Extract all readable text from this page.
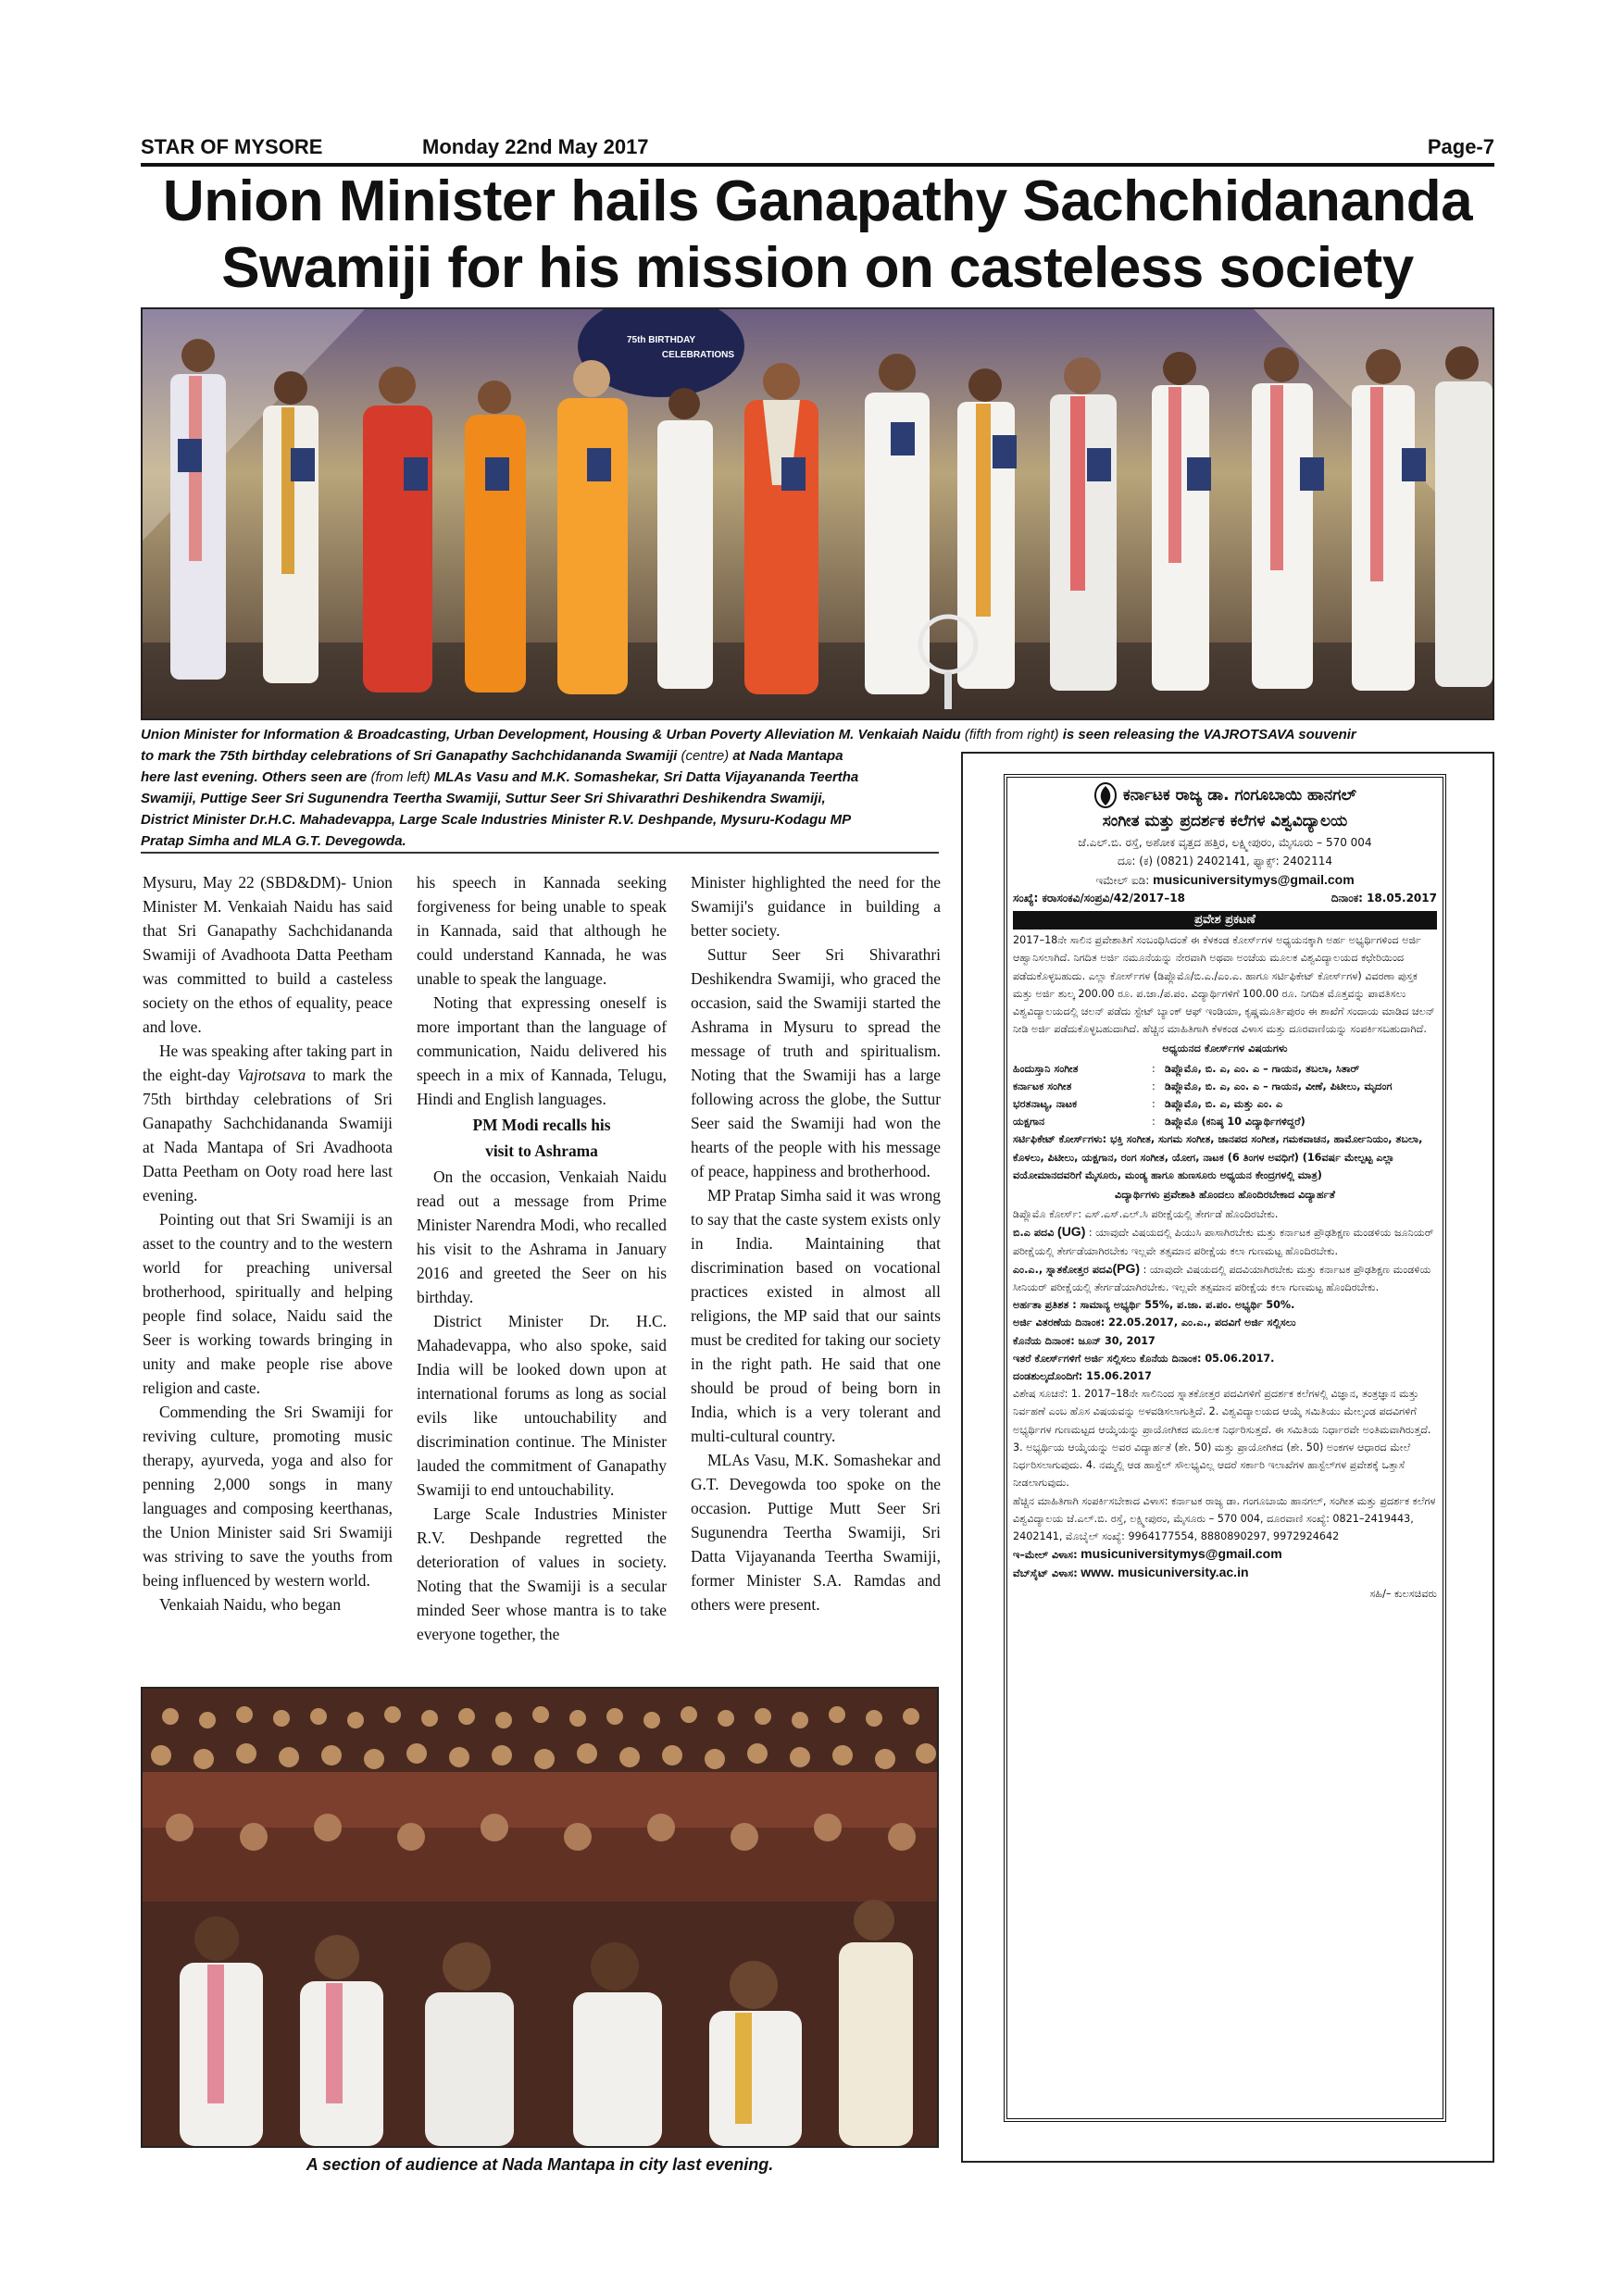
STAR OF MYSORE	Monday 22nd May 2017	Page-7
Union Minister hails Ganapathy Sachchidananda
Swamiji for his mission on casteless society
75th BIRTHDAY
CELEBRATIONS
Union Minister for Information & Broadcasting, Urban Development, Housing & Urban Poverty Alleviation M. Venkaiah Naidu (fifth from right) is seen releasing the VAJROTSAVA souvenir
to mark the 75th birthday celebrations of Sri Ganapathy Sachchidananda Swamiji (centre) at Nada Mantapa
here last evening. Others seen are (from left) MLAs Vasu and M.K. Somashekar, Sri Datta Vijayananda Teertha
Swamiji, Puttige Seer Sri Sugunendra Teertha Swamiji, Suttur Seer Sri Shivarathri Deshikendra Swamiji,
District Minister Dr.H.C. Mahadevappa, Large Scale Industries Minister R.V. Deshpande, Mysuru-Kodagu MP
Pratap Simha and MLA G.T. Devegowda.

Mysuru, May 22 (SBD&DM)- Union Minister M. Venkaiah Naidu has said that Sri Ganapathy Sachchidananda Swamiji of Avadhoota Datta Peetham was committed to build a casteless society on the ethos of equality, peace and love.

He was speaking after taking part in the eight-day Vajrotsava to mark the 75th birthday celebrations of Sri Ganapathy Sachchidananda Swamiji at Nada Mantapa of Sri Avadhoota Datta Peetham on Ooty road here last evening.

Pointing out that Sri Swamiji is an asset to the country and to the western world for preaching universal brotherhood, spiritually and helping people find solace, Naidu said the Seer is working towards bringing in unity and make people rise above religion and caste.

Commending the Sri Swamiji for reviving culture, promoting music therapy, ayurveda, yoga and also for penning 2,000 songs in many languages and composing keerthanas, the Union Minister said Sri Swamiji was striving to save the youths from being influenced by western world.

Venkaiah Naidu, who began

his speech in Kannada seeking forgiveness for being unable to speak in Kannada, said that although he could understand Kannada, he was unable to speak the language.

Noting that expressing oneself is more important than the language of communication, Naidu delivered his speech in a mix of Kannada, Telugu, Hindi and English languages.

PM Modi recalls his

visit to Ashrama

On the occasion, Venkaiah Naidu read out a message from Prime Minister Narendra Modi, who recalled his visit to the Ashrama in January 2016 and greeted the Seer on his birthday.

District Minister Dr. H.C. Mahadevappa, who also spoke, said India will be looked down upon at international forums as long as social evils like untouchability and discrimination continue. The Minister lauded the commitment of Ganapathy Swamiji to end untouchability.

Large Scale Industries Minister R.V. Deshpande regretted the deterioration of values in society. Noting that the Swamiji is a secular minded Seer whose mantra is to take everyone together, the

Minister highlighted the need for the Swamiji's guidance in building a better society.

Suttur Seer Sri Shivarathri Deshikendra Swamiji, who graced the occasion, said the Swamiji started the Ashrama in Mysuru to spread the message of truth and spiritualism. Noting that the Swamiji has a large following across the globe, the Suttur Seer said the Swamiji had won the hearts of the people with his message of peace, happiness and brotherhood.

MP Pratap Simha said it was wrong to say that the caste system exists only in India. Maintaining that discrimination based on vocational practices existed in almost all religions, the MP said that our saints must be credited for taking our society in the right path. He said that one should be proud of being born in India, which is a very tolerant and multi-cultural country.

MLAs Vasu, M.K. Somashekar and G.T. Devegowda too spoke on the occasion. Puttige Mutt Seer Sri Sugunendra Teertha Swamiji, Sri Datta Vijayananda Teertha Swamiji, former Minister S.A. Ramdas and others were present.

A section of audience at Nada Mantapa in city last evening.
ಕರ್ನಾಟಕ ರಾಜ್ಯ ಡಾ. ಗಂಗೂಬಾಯಿ ಹಾನಗಲ್
ಸಂಗೀತ ಮತ್ತು ಪ್ರದರ್ಶಕ ಕಲೆಗಳ ವಿಶ್ವವಿದ್ಯಾಲಯ
ಜೆ.ಎಲ್.ಬಿ. ರಸ್ತೆ, ಅಶೋಕ ವೃತ್ತದ ಹತ್ತಿರ, ಲಕ್ಷ್ಮೀಪುರಂ, ಮೈಸೂರು – 570 004
ದೂ: (ಕ) (0821) 2402141, ಫ್ಯಾಕ್ಸ್: 2402114
ಇಮೇಲ್ ಐಡಿ: musicuniversitymys@gmail.com
ಸಂಖ್ಯೆ: ಕರಾಸಂಕವಿ/ಸಂಪ್ರವಿ/42/2017–18	ದಿನಾಂಕ: 18.05.2017
ಪ್ರವೇಶ ಪ್ರಕಟಣೆ
2017–18ನೇ ಸಾಲಿನ ಪ್ರವೇಶಾತಿಗೆ ಸಂಬಂಧಿಸಿದಂತೆ ಈ ಕೆಳಕಂಡ ಕೋರ್ಸ್‌ಗಳ ಅಧ್ಯಯನಕ್ಕಾಗಿ ಅರ್ಹ ಅಭ್ಯರ್ಥಿಗಳಿಂದ ಅರ್ಜಿ ಆಹ್ವಾನಿಸಲಾಗಿದೆ. ನಿಗದಿತ ಅರ್ಜಿ ನಮೂನೆಯನ್ನು ನೇರವಾಗಿ ಅಥವಾ ಅಂಚೆಯ ಮೂಲಕ ವಿಶ್ವವಿದ್ಯಾಲಯದ ಕಛೇರಿಯಿಂದ ಪಡೆದುಕೊಳ್ಳಬಹುದು. ಎಲ್ಲಾ ಕೋರ್ಸ್‌ಗಳ (ಡಿಪ್ಲೊಮೊ/ಬಿ.ಎ./ಎಂ.ಎ. ಹಾಗೂ ಸರ್ಟಿಫಿಕೇಟ್ ಕೋರ್ಸ್‌ಗಳ) ವಿವರಣಾ ಪುಸ್ತಕ ಮತ್ತು ಅರ್ಜಿ ಶುಲ್ಕ 200.00 ರೂ. ಪ.ಜಾ./ಪ.ಪಂ. ವಿದ್ಯಾರ್ಥಿಗಳಿಗೆ 100.00 ರೂ. ನಿಗದಿತ ಮೊತ್ತವನ್ನು ಪಾವತಿಸಲು ವಿಶ್ವವಿದ್ಯಾಲಯದಲ್ಲಿ ಚಲನ್ ಪಡೆದು ಸ್ಟೇಟ್ ಬ್ಯಾಂಕ್ ಆಫ್ ಇಂಡಿಯಾ, ಕೃಷ್ಣಮೂರ್ತಿಪುರಂ ಈ ಶಾಖೆಗೆ ಸಂದಾಯ ಮಾಡಿದ ಚಲನ್ ನೀಡಿ ಅರ್ಜಿ ಪಡೆದುಕೊಳ್ಳಬಹುದಾಗಿದೆ. ಹೆಚ್ಚಿನ ಮಾಹಿತಿಗಾಗಿ ಕೆಳಕಂಡ ವಿಳಾಸ ಮತ್ತು ದೂರವಾಣಿಯನ್ನು ಸಂಪರ್ಕಿಸಬಹುದಾಗಿದೆ.
ಅಧ್ಯಯನದ ಕೋರ್ಸ್‌ಗಳ ವಿಷಯಗಳು
ಹಿಂದುಸ್ತಾನಿ ಸಂಗೀತ	: ಡಿಪ್ಲೊಮೊ, ಬಿ. ಎ, ಎಂ. ಎ – ಗಾಯನ, ತಬಲಾ, ಸಿತಾರ್
ಕರ್ನಾಟಕ ಸಂಗೀತ	: ಡಿಪ್ಲೊಮೊ, ಬಿ. ಎ, ಎಂ. ಎ – ಗಾಯನ, ವೀಣೆ, ಪಿಟೀಲು, ಮೃದಂಗ
ಭರತನಾಟ್ಯ, ನಾಟಕ	: ಡಿಪ್ಲೊಮೊ, ಬಿ. ಎ, ಮತ್ತು ಎಂ. ಎ
ಯಕ್ಷಗಾನ	: ಡಿಪ್ಲೊಮೊ (ಕನಿಷ್ಠ 10 ವಿದ್ಯಾರ್ಥಿಗಳಿದ್ದರೆ)
ಸರ್ಟಿಫಿಕೇಟ್ ಕೋರ್ಸ್‌ಗಳು: ಭಕ್ತಿ ಸಂಗೀತ, ಸುಗಮ ಸಂಗೀತ, ಜಾನಪದ ಸಂಗೀತ, ಗಮಕವಾಚನ, ಹಾರ್ಮೋನಿಯಂ, ತಬಲಾ, ಕೊಳಲು, ಪಿಟೀಲು, ಯಕ್ಷಗಾನ, ರಂಗ ಸಂಗೀತ, ಯೋಗ, ನಾಟಕ (6 ತಿಂಗಳ ಅವಧಿಗೆ) (16ವರ್ಷ ಮೇಲ್ಪಟ್ಟ ಎಲ್ಲಾ ವಯೋಮಾನದವರಿಗೆ ಮೈಸೂರು, ಮಂಡ್ಯ ಹಾಗೂ ಹುಣಸೂರು ಅಧ್ಯಯನ ಕೇಂದ್ರಗಳಲ್ಲಿ ಮಾತ್ರ)
ವಿದ್ಯಾರ್ಥಿಗಳು ಪ್ರವೇಶಾತಿ ಹೊಂದಲು ಹೊಂದಿರಬೇಕಾದ ವಿದ್ಯಾರ್ಹತೆ
ಡಿಪ್ಲೊಮೊ ಕೋರ್ಸ್: ಎಸ್.ಎಸ್.ಎಲ್.ಸಿ ಪರೀಕ್ಷೆಯಲ್ಲಿ ತೇರ್ಗಡೆ ಹೊಂದಿರಬೇಕು.
ಬಿ.ಎ ಪದವಿ (UG) : ಯಾವುದೇ ವಿಷಯದಲ್ಲಿ ಪಿಯುಸಿ ಪಾಸಾಗಿರಬೇಕು ಮತ್ತು ಕರ್ನಾಟಕ ಪ್ರೌಢಶಿಕ್ಷಣ ಮಂಡಳಿಯ ಜೂನಿಯರ್ ಪರೀಕ್ಷೆಯಲ್ಲಿ ತೇರ್ಗಡೆಯಾಗಿರಬೇಕು ಇಲ್ಲವೇ ತತ್ಸಮಾನ ಪರೀಕ್ಷೆಯ ಕಲಾ ಗುಣಮಟ್ಟ ಹೊಂದಿರಬೇಕು.
ಎಂ.ಎ., ಸ್ನಾತಕೋತ್ತರ ಪದವಿ(PG) : ಯಾವುದೇ ವಿಷಯದಲ್ಲಿ ಪದವಿಯಾಗಿರಬೇಕು ಮತ್ತು ಕರ್ನಾಟಕ ಪ್ರೌಢಶಿಕ್ಷಣ ಮಂಡಳಿಯ ಸೀನಿಯರ್ ಪರೀಕ್ಷೆಯಲ್ಲಿ ತೇರ್ಗಡೆಯಾಗಿರಬೇಕು. ಇಲ್ಲವೇ ತತ್ಸಮಾನ ಪರೀಕ್ಷೆಯ ಕಲಾ ಗುಣಮಟ್ಟ ಹೊಂದಿರಬೇಕು.
ಅರ್ಹತಾ ಪ್ರತಿಶತ : ಸಾಮಾನ್ಯ ಅಭ್ಯರ್ಥಿ 55%, ಪ.ಜಾ. ಪ.ಪಂ. ಅಭ್ಯರ್ಥಿ 50%.
ಅರ್ಜಿ ವಿತರಣೆಯ ದಿನಾಂಕ: 22.05.2017, ಎಂ.ಎ., ಪದವಿಗೆ ಅರ್ಜಿ ಸಲ್ಲಿಸಲು
ಕೊನೆಯ ದಿನಾಂಕ: ಜೂನ್ 30, 2017
ಇತರೆ ಕೋರ್ಸ್‌ಗಳಿಗೆ ಅರ್ಜಿ ಸಲ್ಲಿಸಲು ಕೊನೆಯ ದಿನಾಂಕ: 05.06.2017.
ದಂಡಶುಲ್ಕದೊಂದಿಗೆ: 15.06.2017
ವಿಶೇಷ ಸೂಚನೆ: 1. 2017–18ನೇ ಸಾಲಿನಿಂದ ಸ್ನಾತಕೋತ್ತರ ಪದವಿಗಳಿಗೆ ಪ್ರದರ್ಶಕ ಕಲೆಗಳಲ್ಲಿ ವಿಜ್ಞಾನ, ತಂತ್ರಜ್ಞಾನ ಮತ್ತು ನಿರ್ವಹಣೆ ಎಂಬ ಹೊಸ ವಿಷಯವನ್ನು ಅಳವಡಿಸಲಾಗುತ್ತಿದೆ. 2. ವಿಶ್ವವಿದ್ಯಾಲಯದ ಆಯ್ಕೆ ಸಮಿತಿಯು ಮೇಲ್ಕಂಡ ಪದವಿಗಳಿಗೆ ಅಭ್ಯರ್ಥಿಗಳ ಗುಣಮಟ್ಟದ ಆಯ್ಕೆಯನ್ನು ಪ್ರಾಯೋಗಿಕದ ಮೂಲಕ ನಿರ್ಧರಿಸುತ್ತದೆ. ಈ ಸಮಿತಿಯ ನಿರ್ಧಾರವೇ ಅಂತಿಮವಾಗಿರುತ್ತದೆ. 3. ಅಭ್ಯರ್ಥಿಯ ಆಯ್ಕೆಯನ್ನು ಅವರ ವಿದ್ಯಾರ್ಹತೆ (ಶೇ. 50) ಮತ್ತು ಪ್ರಾಯೋಗಿಕದ (ಶೇ. 50) ಅಂಕಗಳ ಆಧಾರದ ಮೇಲೆ ನಿರ್ಧರಿಸಲಾಗುವುದು. 4. ನಮ್ಮಲ್ಲಿ ಆಡ ಹಾಸ್ಟೆಲ್ ಸೌಲಭ್ಯವಿಲ್ಲ ಆದರೆ ಸರ್ಕಾರಿ ಇಲಾಖೆಗಳ ಹಾಸ್ಟೆಲ್‌ಗಳ ಪ್ರವೇಶಕ್ಕೆ ಒತ್ತಾಸೆ ನೀಡಲಾಗುವುದು.
ಹೆಚ್ಚಿನ ಮಾಹಿತಿಗಾಗಿ ಸಂಪರ್ಕಿಸಬೇಕಾದ ವಿಳಾಸ: ಕರ್ನಾಟಕ ರಾಜ್ಯ ಡಾ. ಗಂಗೂಬಾಯಿ ಹಾನಗಲ್, ಸಂಗೀತ ಮತ್ತು ಪ್ರದರ್ಶಕ ಕಲೆಗಳ ವಿಶ್ವವಿದ್ಯಾಲಯ ಜೆ.ಎಲ್.ಬಿ. ರಸ್ತೆ, ಲಕ್ಷ್ಮೀಪುರಂ, ಮೈಸೂರು – 570 004, ದೂರವಾಣಿ ಸಂಖ್ಯೆ: 0821–2419443, 2402141, ಮೊಬೈಲ್ ಸಂಖ್ಯೆ: 9964177554, 8880890297, 9972924642
ಇ–ಮೇಲ್ ವಿಳಾಸ: musicuniversitymys@gmail.com
ವೆಬ್‌ಸೈಟ್ ವಿಳಾಸ: www. musicuniversity.ac.in
ಸಹಿ/– ಕುಲಸಚಿವರು
